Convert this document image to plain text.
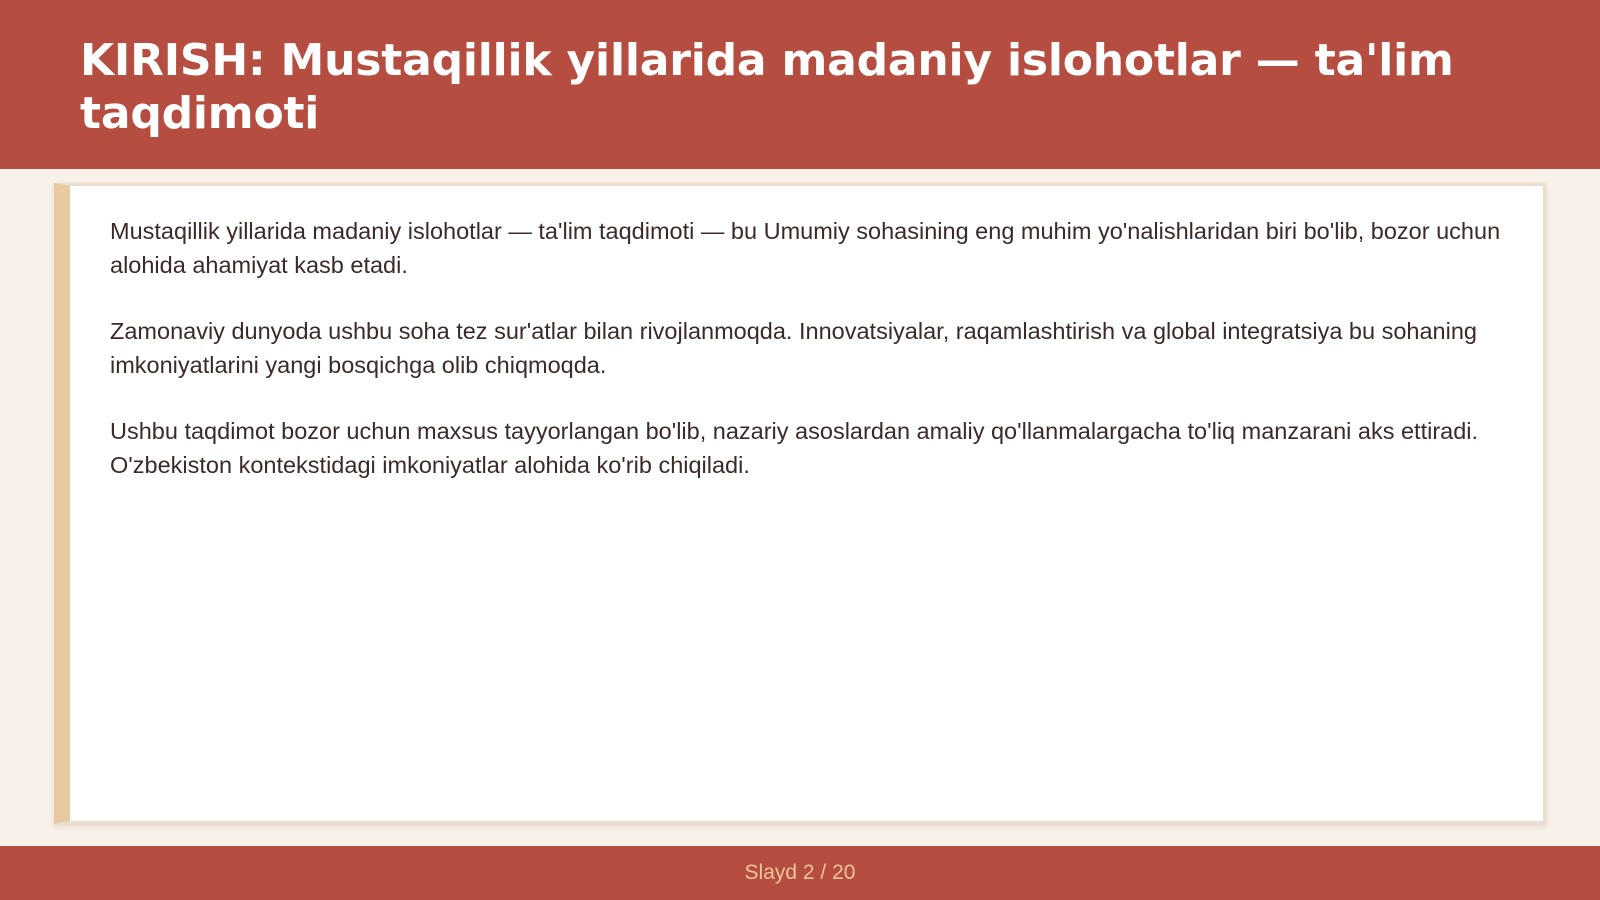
KIRISH: Mustaqillik yillarida madaniy islohotlar — ta'lim taqdimoti

Mustaqillik yillarida madaniy islohotlar — ta'lim taqdimoti — bu Umumiy sohasining eng muhim yo'nalishlaridan biri bo'lib, bozor uchun alohida ahamiyat kasb etadi.

Zamonaviy dunyoda ushbu soha tez sur'atlar bilan rivojlanmoqda. Innovatsiyalar, raqamlashtirish va global integratsiya bu sohaning imkoniyatlarini yangi bosqichga olib chiqmoqda.

Ushbu taqdimot bozor uchun maxsus tayyorlangan bo'lib, nazariy asoslardan amaliy qo'llanmalargacha to'liq manzarani aks ettiradi. O'zbekiston kontekstidagi imkoniyatlar alohida ko'rib chiqiladi.

Slayd 2 / 20
